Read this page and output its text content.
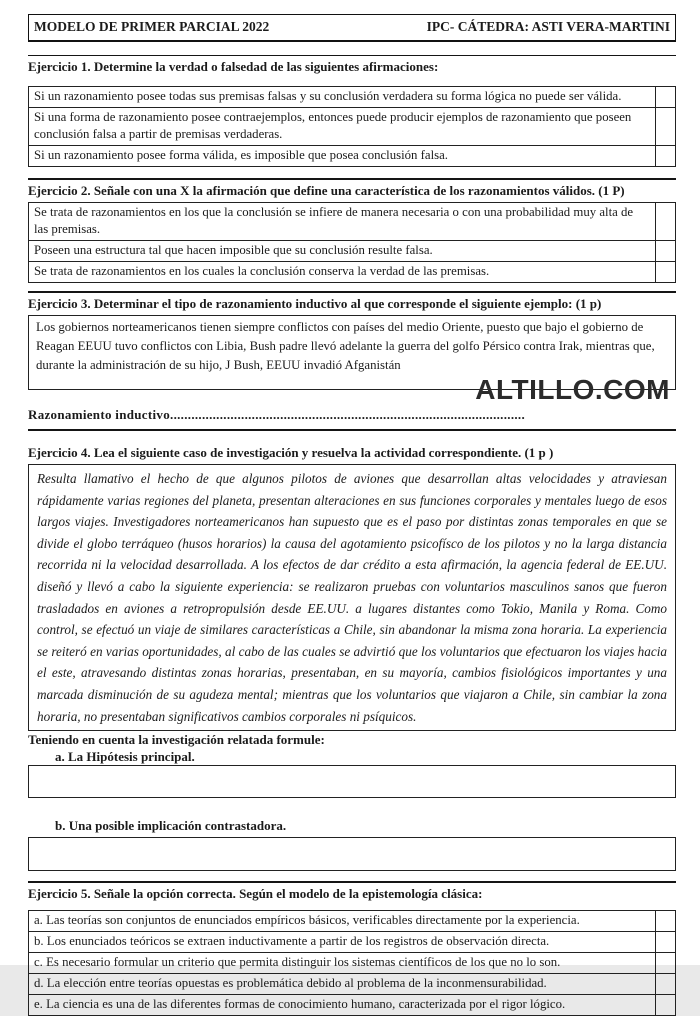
MODELO DE PRIMER PARCIAL 2022	IPC- CÁTEDRA: ASTI VERA-MARTINI
Ejercicio 1. Determine la verdad o falsedad de las siguientes afirmaciones:
Si un razonamiento posee todas sus premisas falsas y su conclusión verdadera su forma lógica no puede ser válida.	
Si una forma de razonamiento posee contraejemplos, entonces puede producir ejemplos de razonamiento que poseen conclusión falsa a partir de premisas verdaderas.	
Si un razonamiento posee forma válida, es imposible que posea conclusión falsa.	
Ejercicio 2. Señale con una X la afirmación que define una característica de los razonamientos válidos. (1 P)
Se trata de razonamientos en los que la conclusión se infiere de manera necesaria o con una probabilidad muy alta de las premisas.	
Poseen una estructura tal que hacen imposible que su conclusión resulte falsa.	
Se trata de razonamientos en los cuales la conclusión conserva la verdad de las premisas.	
Ejercicio 3. Determinar el tipo de razonamiento inductivo al que corresponde el siguiente ejemplo: (1 p)
Los gobiernos norteamericanos tienen siempre conflictos con países del medio Oriente, puesto que bajo el gobierno de Reagan EEUU tuvo conflictos con Libia, Bush padre llevó adelante la guerra del golfo Pérsico contra Irak, mientras que, durante la administración de su hijo, J Bush, EEUU invadió Afganistán
ALTILLO.COM
Razonamiento inductivo....................................................................................................
Ejercicio 4. Lea el siguiente caso de investigación y resuelva la actividad correspondiente. (1 p )
Resulta llamativo el hecho de que algunos pilotos de aviones que desarrollan altas velocidades y atraviesan rápidamente varias regiones del planeta, presentan alteraciones en sus funciones corporales y mentales luego de esos largos viajes. Investigadores norteamericanos han supuesto que es el paso por distintas zonas temporales en que se divide el globo terráqueo (husos horarios) la causa del agotamiento psicofísco de los pilotos y no la larga distancia recorrida ni la velocidad desarrollada. A los efectos de dar crédito a esta afirmación, la agencia federal de EE.UU. diseñó y llevó a cabo la siguiente experiencia: se realizaron pruebas con voluntarios masculinos sanos que fueron trasladados en aviones a retropropulsión desde EE.UU. a lugares distantes como Tokio, Manila y Roma. Como control, se efectuó un viaje de similares características a Chile, sin abandonar la misma zona horaria. La experiencia se reiteró en varias oportunidades, al cabo de las cuales se advirtió que los voluntarios que efectuaron los viajes hacia el este, atravesando distintas zonas horarias, presentaban, en su mayoría, cambios fisiológicos importantes y una marcada disminución de su agudeza mental; mientras que los voluntarios que viajaron a Chile, sin cambiar la zona horaria, no presentaban significativos cambios corporales ni psíquicos.
Teniendo en cuenta la investigación relatada formule:
a. La Hipótesis principal.
b. Una posible implicación contrastadora.
Ejercicio 5. Señale la opción correcta. Según el modelo de la epistemología clásica:
a. Las teorías son conjuntos de enunciados empíricos básicos, verificables directamente por la experiencia.	
b. Los enunciados teóricos se extraen inductivamente a partir de los registros de observación directa.	
c. Es necesario formular un criterio que permita distinguir los sistemas científicos de los que no lo son.	
d. La elección entre teorías opuestas es problemática debido al problema de la inconmensurabilidad.	
e. La ciencia es una de las diferentes formas de conocimiento humano, caracterizada por el rigor lógico.	
